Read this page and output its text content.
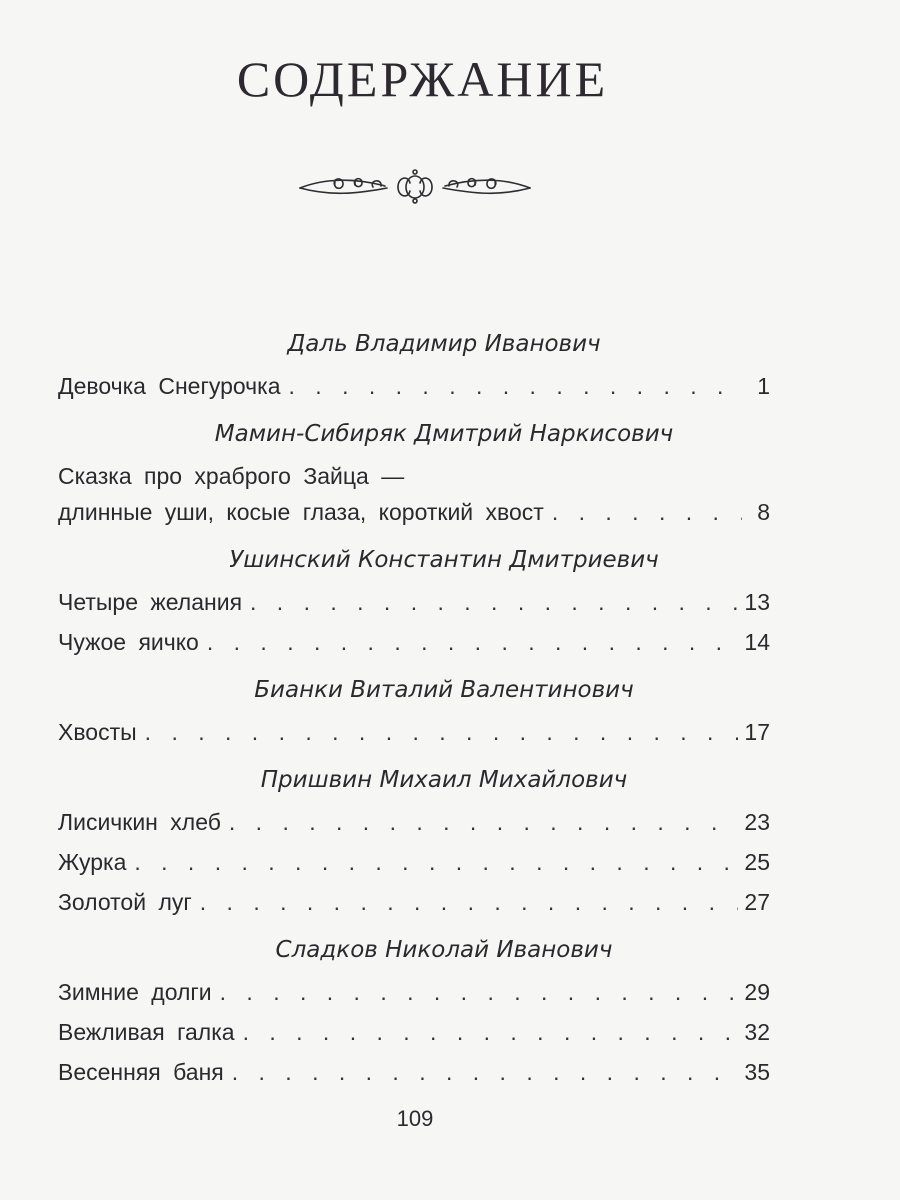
СОДЕРЖАНИЕ
Даль Владимир Иванович
Девочка Снегурочка . . .	1
Мамин-Сибиряк Дмитрий Наркисович
Сказка про храброго Зайца —
длинные уши, косые глаза, короткий хвост . . .	8
Ушинский Константин Дмитриевич
Четыре желания . . .	13
Чужое яичко . . .	14
Бианки Виталий Валентинович
Хвосты . . .	17
Пришвин Михаил Михайлович
Лисичкин хлеб . . .	23
Журка . . .	25
Золотой луг . . .	27
Сладков Николай Иванович
Зимние долги . . .	29
Вежливая галка . . .	32
Весенняя баня . . .	35
109
